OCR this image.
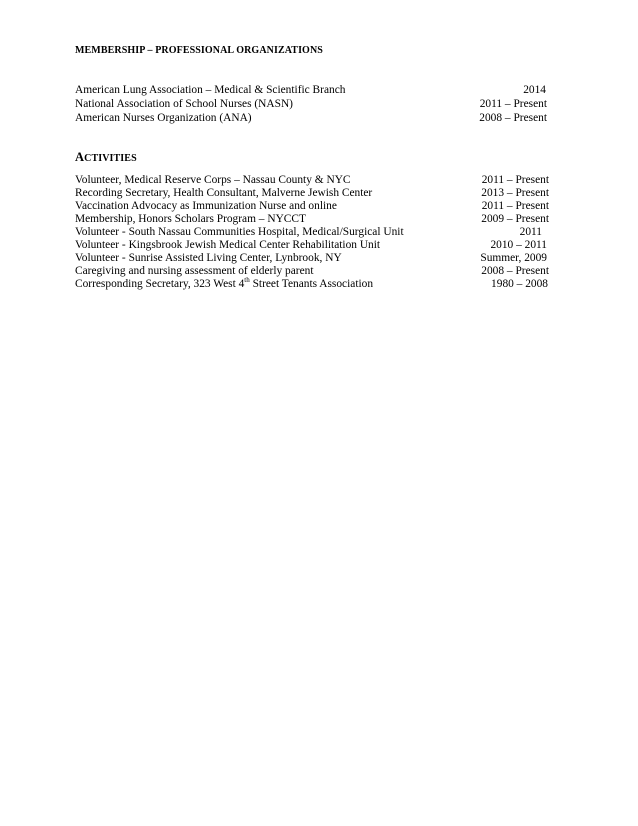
MEMBERSHIP – PROFESSIONAL ORGANIZATIONS
American Lung Association – Medical & Scientific Branch	2014
National Association of School Nurses (NASN)	2011 – Present
American Nurses Organization (ANA)	2008 – Present
ACTIVITIES
Volunteer, Medical Reserve Corps – Nassau County & NYC	2011 – Present
Recording Secretary, Health Consultant, Malverne Jewish Center	2013 – Present
Vaccination Advocacy as Immunization Nurse and online	2011 – Present
Membership, Honors Scholars Program – NYCCT	2009 – Present
Volunteer - South Nassau Communities Hospital, Medical/Surgical Unit	2011
Volunteer - Kingsbrook Jewish Medical Center Rehabilitation Unit	2010 – 2011
Volunteer - Sunrise Assisted Living Center, Lynbrook, NY	Summer, 2009
Caregiving and nursing assessment of elderly parent	2008 – Present
Corresponding Secretary, 323 West 4th Street Tenants Association	1980 – 2008
